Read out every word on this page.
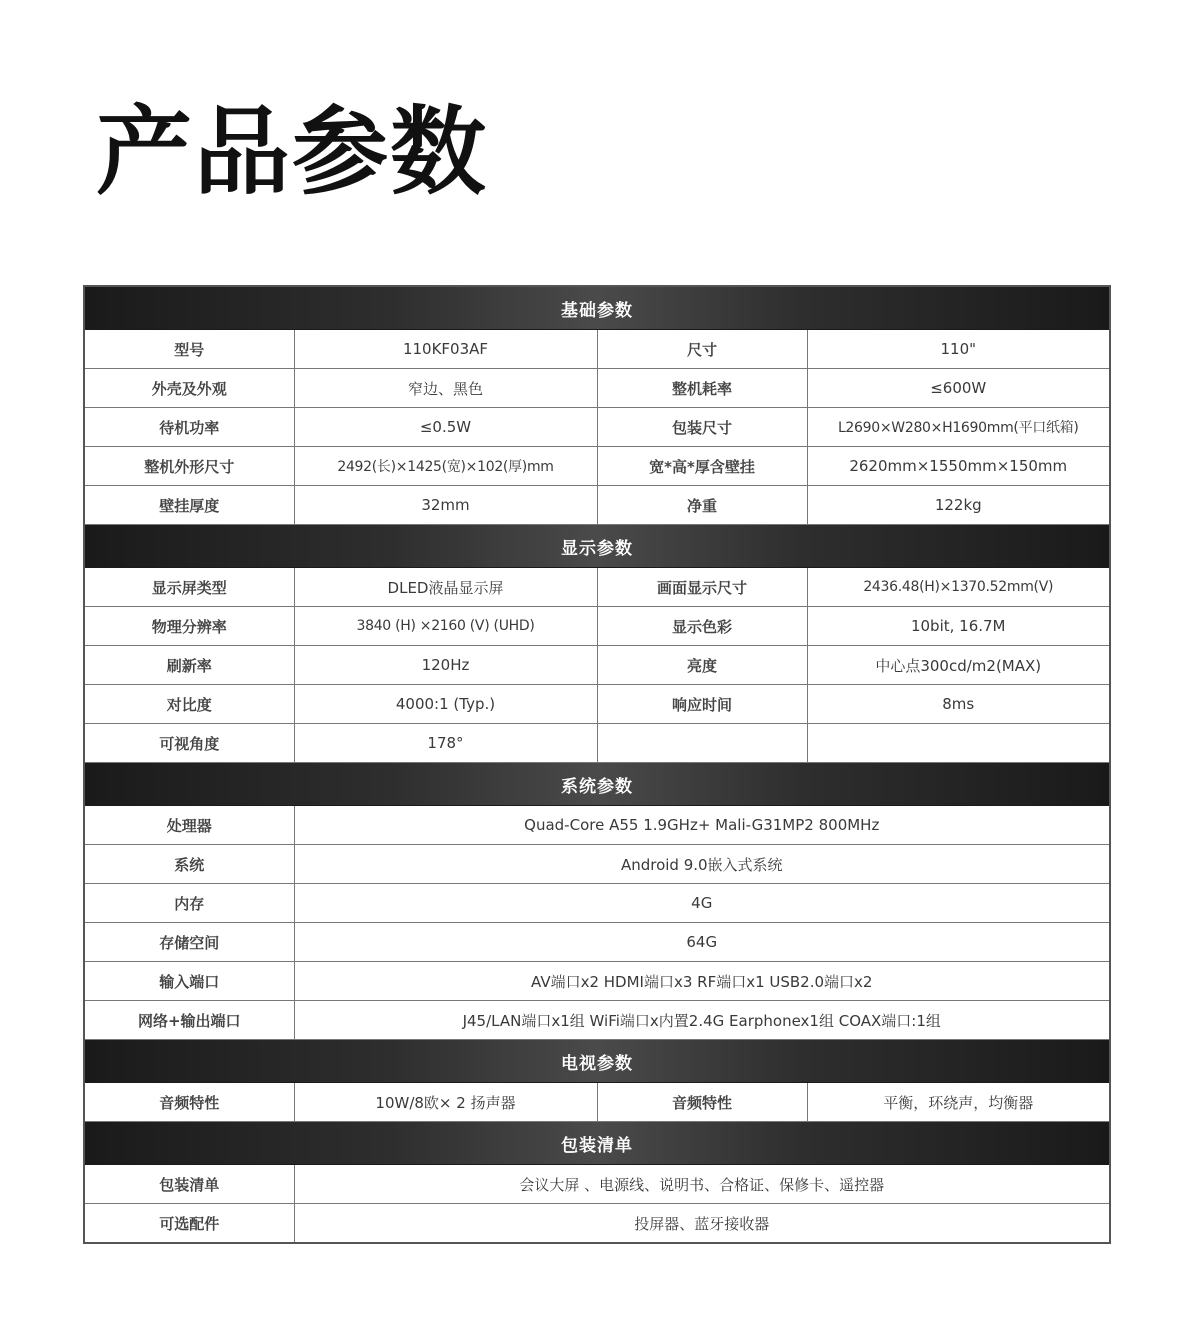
产品参数
基础参数			
型号	110KF03AF	尺寸	110"
外壳及外观	窄边、黑色	整机耗率	≤600W
待机功率	≤0.5W	包装尺寸	L2690×W280×H1690mm(平口纸箱)
整机外形尺寸	2492(长)×1425(宽)×102(厚)mm	宽*高*厚含壁挂	2620mm×1550mm×150mm
壁挂厚度	32mm	净重	122kg
显示参数			
显示屏类型	DLED液晶显示屏	画面显示尺寸	2436.48(H)×1370.52mm(V)
物理分辨率	3840 (H) ×2160 (V) (UHD)	显示色彩	10bit, 16.7M
刷新率	120Hz	亮度	中心点300cd/m2(MAX)
对比度	4000:1 (Typ.)	响应时间	8ms
可视角度	178°		
系统参数			
处理器	Quad-Core A55 1.9GHz+ Mali-G31MP2 800MHz		
系统	Android 9.0嵌入式系统		
内存	4G		
存储空间	64G		
输入端口	AV端口x2 HDMI端口x3 RF端口x1 USB2.0端口x2		
网络+输出端口	J45/LAN端口x1组 WiFi端口x内置2.4G Earphonex1组 COAX端口:1组		
电视参数			
音频特性	10W/8欧× 2 扬声器	音频特性	平衡，环绕声，均衡器
包装清单			
包装清单	会议大屏 、电源线、说明书、合格证、保修卡、遥控器		
可选配件	投屏器、蓝牙接收器		
